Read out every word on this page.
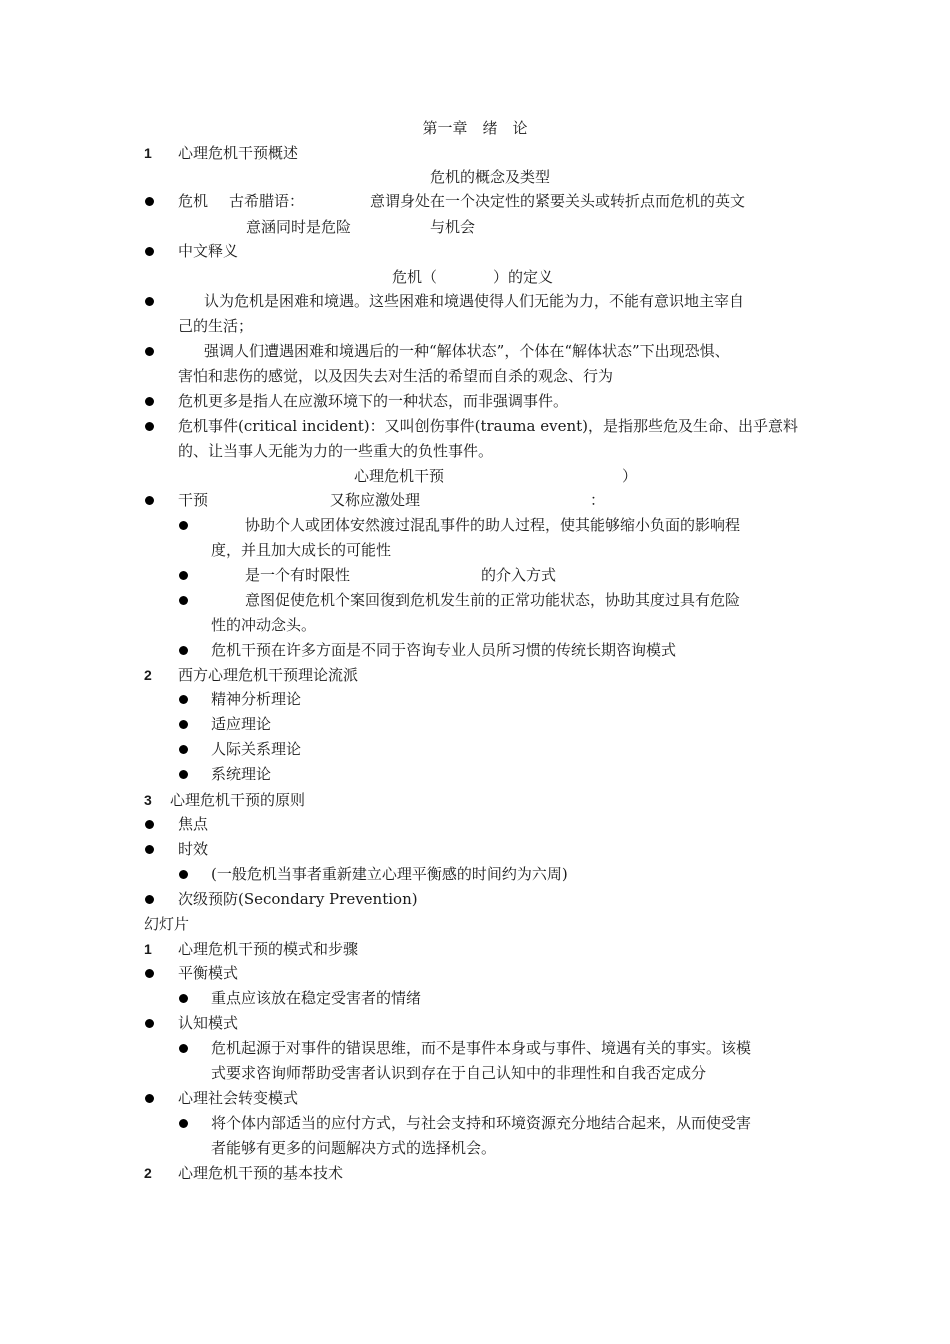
第一章　绪　论
1 心理危机干预概述
危机的概念及类型
危机 古希腊语：	意谓身处在一个决定性的紧要关头或转折点而危机的英文
意涵同时是危险	与机会
中文释义
危机（	）的定义
认为危机是困难和境遇。这些困难和境遇使得人们无能为力，不能有意识地主宰自
己的生活；
强调人们遭遇困难和境遇后的一种“解体状态”，个体在“解体状态”下出现恐惧、
害怕和悲伤的感觉，以及因失去对生活的希望而自杀的观念、行为
危机更多是指人在应激环境下的一种状态，而非强调事件。
危机事件(critical incident)：又叫创伤事件(trauma event)，是指那些危及生命、出乎意料
的、让当事人无能为力的一些重大的负性事件。
心理危机干预	）
干预	又称应激处理	：
协助个人或团体安然渡过混乱事件的助人过程，使其能够缩小负面的影响程
度，并且加大成长的可能性
是一个有时限性	的介入方式
意图促使危机个案回復到危机发生前的正常功能状态，协助其度过具有危险
性的冲动念头。
危机干预在许多方面是不同于咨询专业人员所习惯的传统长期咨询模式
2 西方心理危机干预理论流派
精神分析理论
适应理论
人际关系理论
系统理论
3 心理危机干预的原则
焦点
时效
(一般危机当事者重新建立心理平衡感的时间约为六周)
次级预防(Secondary Prevention)
幻灯片
1 心理危机干预的模式和步骤
平衡模式
重点应该放在稳定受害者的情绪
认知模式
危机起源于对事件的错误思维，而不是事件本身或与事件、境遇有关的事实。该模
式要求咨询师帮助受害者认识到存在于自己认知中的非理性和自我否定成分
心理社会转变模式
将个体内部适当的应付方式，与社会支持和环境资源充分地结合起来，从而使受害
者能够有更多的问题解决方式的选择机会。
2 心理危机干预的基本技术
